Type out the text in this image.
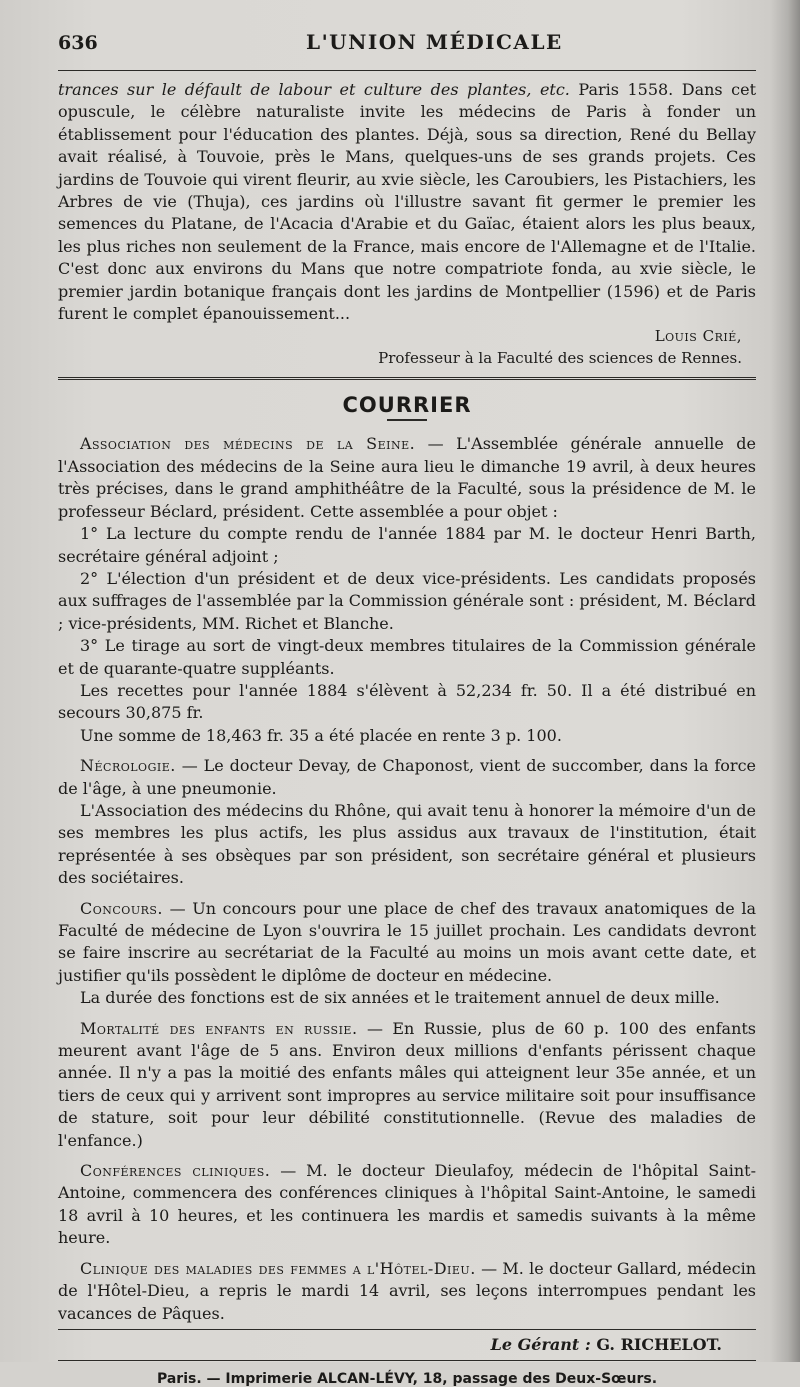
636	L'UNION MÉDICALE

trances sur le défault de labour et culture des plantes, etc. Paris 1558. Dans cet opuscule, le célèbre naturaliste invite les médecins de Paris à fonder un établissement pour l'éducation des plantes. Déjà, sous sa direction, René du Bellay avait réalisé, à Touvoie, près le Mans, quelques-uns de ses grands projets. Ces jardins de Touvoie qui virent fleurir, au xvie siècle, les Caroubiers, les Pistachiers, les Arbres de vie (Thuja), ces jardins où l'illustre savant fit germer le premier les semences du Platane, de l'Acacia d'Arabie et du Gaïac, étaient alors les plus beaux, les plus riches non seulement de la France, mais encore de l'Allemagne et de l'Italie. C'est donc aux environs du Mans que notre compatriote fonda, au xvie siècle, le premier jardin botanique français dont les jardins de Montpellier (1596) et de Paris furent le complet épanouissement...

Louis Crié,
Professeur à la Faculté des sciences de Rennes.
COURRIER

Association des médecins de la Seine. — L'Assemblée générale annuelle de l'Association des médecins de la Seine aura lieu le dimanche 19 avril, à deux heures très précises, dans le grand amphithéâtre de la Faculté, sous la présidence de M. le professeur Béclard, président. Cette assemblée a pour objet :

1° La lecture du compte rendu de l'année 1884 par M. le docteur Henri Barth, secrétaire général adjoint ;

2° L'élection d'un président et de deux vice-présidents. Les candidats proposés aux suffrages de l'assemblée par la Commission générale sont : président, M. Béclard ; vice-présidents, MM. Richet et Blanche.

3° Le tirage au sort de vingt-deux membres titulaires de la Commission générale et de quarante-quatre suppléants.

Les recettes pour l'année 1884 s'élèvent à 52,234 fr. 50. Il a été distribué en secours 30,875 fr.

Une somme de 18,463 fr. 35 a été placée en rente 3 p. 100.

Nécrologie. — Le docteur Devay, de Chaponost, vient de succomber, dans la force de l'âge, à une pneumonie.

L'Association des médecins du Rhône, qui avait tenu à honorer la mémoire d'un de ses membres les plus actifs, les plus assidus aux travaux de l'institution, était représentée à ses obsèques par son président, son secrétaire général et plusieurs des sociétaires.

Concours. — Un concours pour une place de chef des travaux anatomiques de la Faculté de médecine de Lyon s'ouvrira le 15 juillet prochain. Les candidats devront se faire inscrire au secrétariat de la Faculté au moins un mois avant cette date, et justifier qu'ils possèdent le diplôme de docteur en médecine.

La durée des fonctions est de six années et le traitement annuel de deux mille.

Mortalité des enfants en russie. — En Russie, plus de 60 p. 100 des enfants meurent avant l'âge de 5 ans. Environ deux millions d'enfants périssent chaque année. Il n'y a pas la moitié des enfants mâles qui atteignent leur 35e année, et un tiers de ceux qui y arrivent sont impropres au service militaire soit pour insuffisance de stature, soit pour leur débilité constitutionnelle. (Revue des maladies de l'enfance.)

Conférences cliniques. — M. le docteur Dieulafoy, médecin de l'hôpital Saint-Antoine, commencera des conférences cliniques à l'hôpital Saint-Antoine, le samedi 18 avril à 10 heures, et les continuera les mardis et samedis suivants à la même heure.

Clinique des maladies des femmes a l'Hôtel-Dieu. — M. le docteur Gallard, médecin de l'Hôtel-Dieu, a repris le mardi 14 avril, ses leçons interrompues pendant les vacances de Pâques.

Le Gérant : G. RICHELOT.
Paris. — Imprimerie ALCAN-LÉVY, 18, passage des Deux-Sœurs.
